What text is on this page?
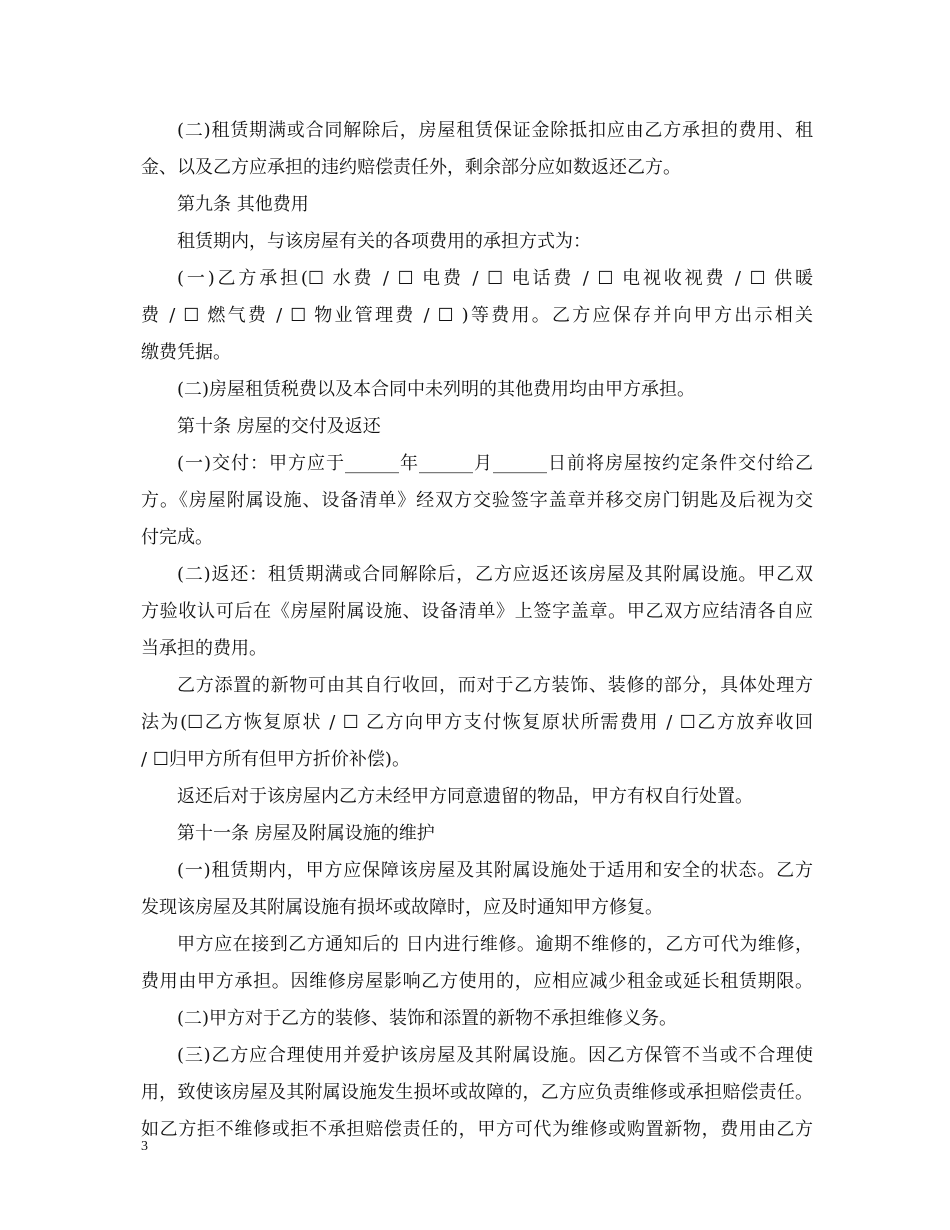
(二)租赁期满或合同解除后，房屋租赁保证金除抵扣应由乙方承担的费用、租
金、以及乙方应承担的违约赔偿责任外，剩余部分应如数返还乙方。
第九条 其他费用
租赁期内，与该房屋有关的各项费用的承担方式为：
(一)乙方承担(☐ 水费 / ☐ 电费 / ☐ 电话费 / ☐ 电视收视费 / ☐ 供暖
费 / ☐ 燃气费 / ☐ 物业管理费 / ☐ )等费用。乙方应保存并向甲方出示相关
缴费凭据。
(二)房屋租赁税费以及本合同中未列明的其他费用均由甲方承担。
第十条 房屋的交付及返还
(一)交付：甲方应于______年______月______日前将房屋按约定条件交付给乙
方。《房屋附属设施、设备清单》经双方交验签字盖章并移交房门钥匙及后视为交
付完成。
(二)返还：租赁期满或合同解除后，乙方应返还该房屋及其附属设施。甲乙双
方验收认可后在《房屋附属设施、设备清单》上签字盖章。甲乙双方应结清各自应
当承担的费用。
乙方添置的新物可由其自行收回，而对于乙方装饰、装修的部分，具体处理方
法为(☐乙方恢复原状 / ☐ 乙方向甲方支付恢复原状所需费用 / ☐乙方放弃收回
/ ☐归甲方所有但甲方折价补偿)。
返还后对于该房屋内乙方未经甲方同意遗留的物品，甲方有权自行处置。
第十一条 房屋及附属设施的维护
(一)租赁期内，甲方应保障该房屋及其附属设施处于适用和安全的状态。乙方
发现该房屋及其附属设施有损坏或故障时，应及时通知甲方修复。
甲方应在接到乙方通知后的 日内进行维修。逾期不维修的，乙方可代为维修，
费用由甲方承担。因维修房屋影响乙方使用的，应相应减少租金或延长租赁期限。
(二)甲方对于乙方的装修、装饰和添置的新物不承担维修义务。
(三)乙方应合理使用并爱护该房屋及其附属设施。因乙方保管不当或不合理使
用，致使该房屋及其附属设施发生损坏或故障的，乙方应负责维修或承担赔偿责任。
如乙方拒不维修或拒不承担赔偿责任的，甲方可代为维修或购置新物，费用由乙方
3
